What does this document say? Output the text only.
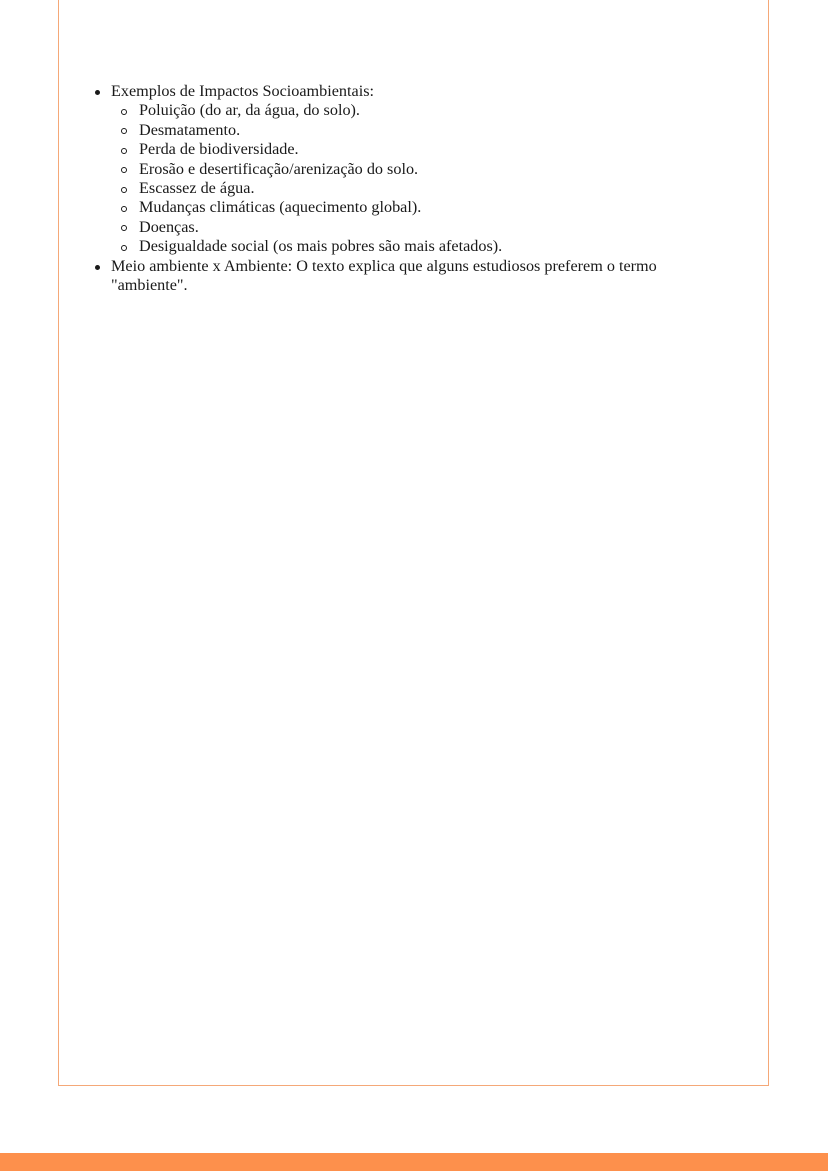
Exemplos de Impactos Socioambientais:
Poluição (do ar, da água, do solo).
Desmatamento.
Perda de biodiversidade.
Erosão e desertificação/arenização do solo.
Escassez de água.
Mudanças climáticas (aquecimento global).
Doenças.
Desigualdade social (os mais pobres são mais afetados).
Meio ambiente x Ambiente: O texto explica que alguns estudiosos preferem o termo "ambiente".
